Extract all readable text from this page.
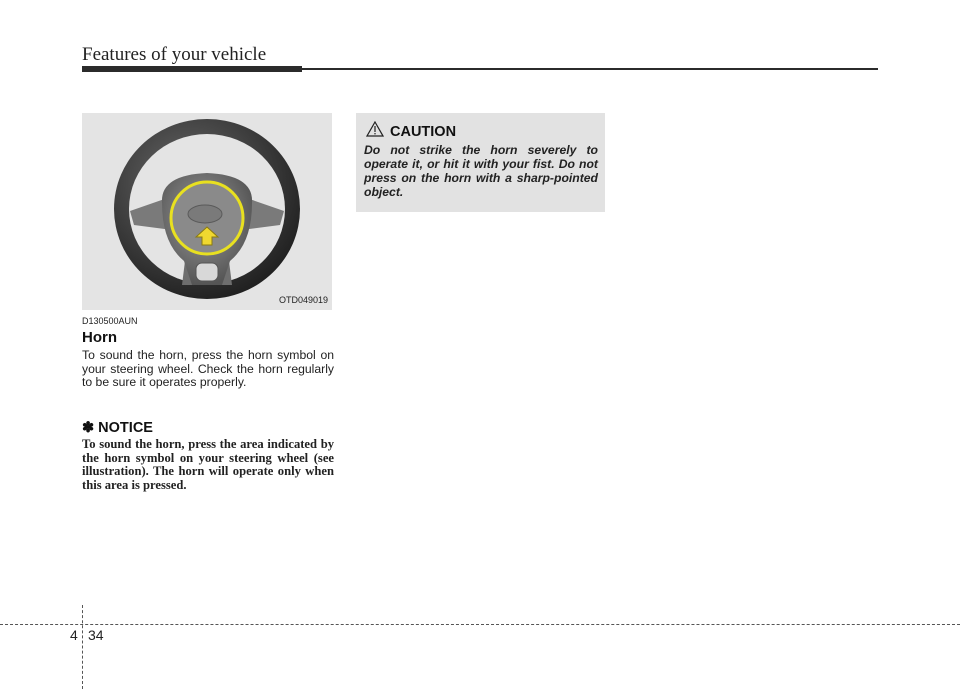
Features of your vehicle
OTD049019
D130500AUN
Horn
To sound the horn, press the horn symbol on your steering wheel. Check the horn regularly to be sure it operates properly.
✽ NOTICE
To sound the horn, press the area indicated by the horn symbol on your steering wheel (see illustration). The horn will operate only when this area is pressed.
CAUTION
Do not strike the horn severely to operate it, or hit it with your fist. Do not press on the horn with a sharp-pointed object.
4 34
